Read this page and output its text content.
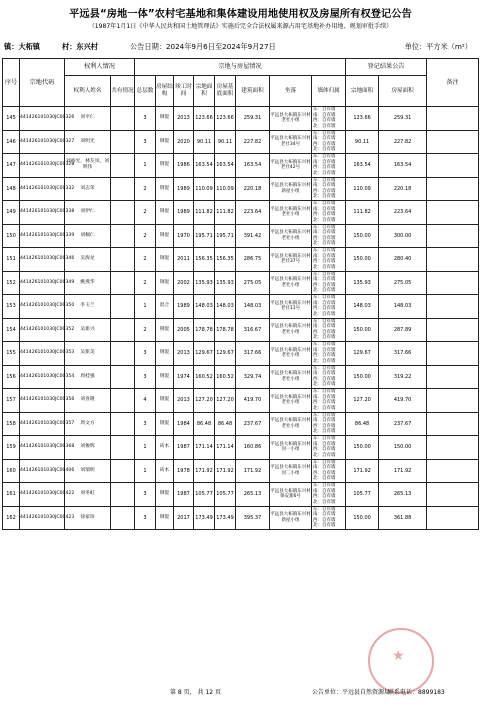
平远县“房地一体”农村宅基地和集体建设用地使用权及房屋所有权登记公告
（1987年1月1日《中华人民共和国土地管理法》实施后完全合法权属来源占用宅基地补办用地、规划审批手续）
镇：大柘镇	村：东兴村	公告日期：2024年9月6日至2024年9月27日	单位：平方米（m²）
序号	宗地代码	权利人情况		宗地与房屋情况								登记结果公告		备注
		权利人姓名	共有情况	总层数	房屋结构	竣工时间	宗地面积	房屋基底面积	建筑面积	坐落	墙体归属	宗地面积	房屋面积	
145	441426101030JC00326	刘平仁		3	钢混	2013	123.66	123.66	259.31	平远县大柘镇东兴村老社小组	东：自有墙 南：自有墙 西：自有墙 北：自有墙	123.66	259.31	
146	441426101030JC00327	刘明光		3	钢混	2020	90.11	90.11	227.82	平远县大柘镇东兴村老社34号	东：自有墙 南：自有墙 西：自有墙 北：自有墙	90.11	227.82	
147	441426101030JC00328	刘裕光，林友凤，刘明伟		1	钢混	1986	163.54	163.54	163.54	平远县大柘镇东兴村老社42号	东：自有墙 南：自有墙 西：自有墙 北：自有墙	163.54	163.54	
148	441426101030JC00332	刘志荣		2	钢混	1989	110.09	110.09	220.18	平远县大柘镇东兴村新屋小组	东：自有墙 南：自有墙 西：自有墙 北：自有墙	110.09	220.18	
149	441426101030JC00338	刘伊仁		2	钢混	1989	111.82	111.82	223.64	平远县大柘镇东兴村老社小组	东：自有墙 南：自有墙 西：自有墙 北：自有墙	111.82	223.64	
150	441426101030JC00339	刘佩仁		2	钢混	1970	195.71	195.71	391.42	平远县大柘镇东兴村老社小组	东：自有墙 南：自有墙 西：自有墙 北：自有墙	150.00	300.00	
151	441426101030JC00346	吴海龙		2	钢混	2011	156.35	156.35	286.75	平远县大柘镇东兴村老社37号	东：自有墙 南：自有墙 西：自有墙 北：自有墙	150.00	280.40	
152	441426101030JC00349	姚燕华		2	钢混	2002	135.93	135.93	275.05	平远县大柘镇东兴村老社小组	东：自有墙 南：自有墙 西：自有墙 北：自有墙	135.93	275.05	
153	441426101030JC00350	李玉兰		1	混合	1989	148.03	148.03	148.03	平远县大柘镇东兴村老社11号	东：自有墙 南：自有墙 西：自有墙 北：自有墙	148.03	148.03	
154	441426101030JC00352	吴新兴		2	钢混	2005	178.78	178.78	316.67	平远县大柘镇东兴村老社小组	东：自有墙 南：自有墙 西：自有墙 北：自有墙	150.00	287.89	
155	441426101030JC00353	吴新美		3	钢混	2013	129.67	129.67	317.66	平远县大柘镇东兴村老社小组	东：自有墙 南：自有墙 西：自有墙 北：自有墙	129.67	317.66	
156	441426101030JC00354	周桂强		3	钢混	1974	160.52	160.52	329.74	平远县大柘镇东兴村老社小组	东：自有墙 南：自有墙 西：自有墙 北：自有墙	150.00	319.22	
157	441426101030JC00356	刘喜隆		4	钢混	2013	127.20	127.20	419.70	平远县大柘镇东兴村老社小组	东：自有墙 南：自有墙 西：自有墙 北：自有墙	127.20	419.70	
158	441426101030JC00357	周文方		3	钢混	1984	86.48	86.48	237.67	平远县大柘镇东兴村老社小组	东：自有墙 南：自有墙 西：自有墙 北：自有墙	86.48	237.67	
159	441426101030JC00368	刘俊辉		1	砖木	1987	171.14	171.14	160.86	平远县大柘镇东兴村河一小组	东：自有墙 南：自有墙 西：自有墙 北：自有墙	150.00	150.00	
160	441426101030JC00406	刘瑞明		1	砖木	1978	171.92	171.92	171.92	平远县大柘镇东兴村河二小组	东：自有墙 南：自有墙 西：自有墙 北：自有墙	171.92	171.92	
161	441426101030JC00422	刘冬虹		3	钢混	1987	105.77	105.77	265.13	平远县大柘镇东兴村保安寨6号	东：自有墙 南：自有墙 西：自有墙 北：自有墙	105.77	265.13	
162	441426101030JC00423	徐家珍		3	钢混	2017	173.49	173.49	395.37	平远县大柘镇东兴村新屋小组	东：自有墙 南：自有墙 西：自有墙 北：自有墙	150.00	361.88	
★
第 8 页， 共 12 页	公告单位：平远县自然资源局
联系电话：8899183
